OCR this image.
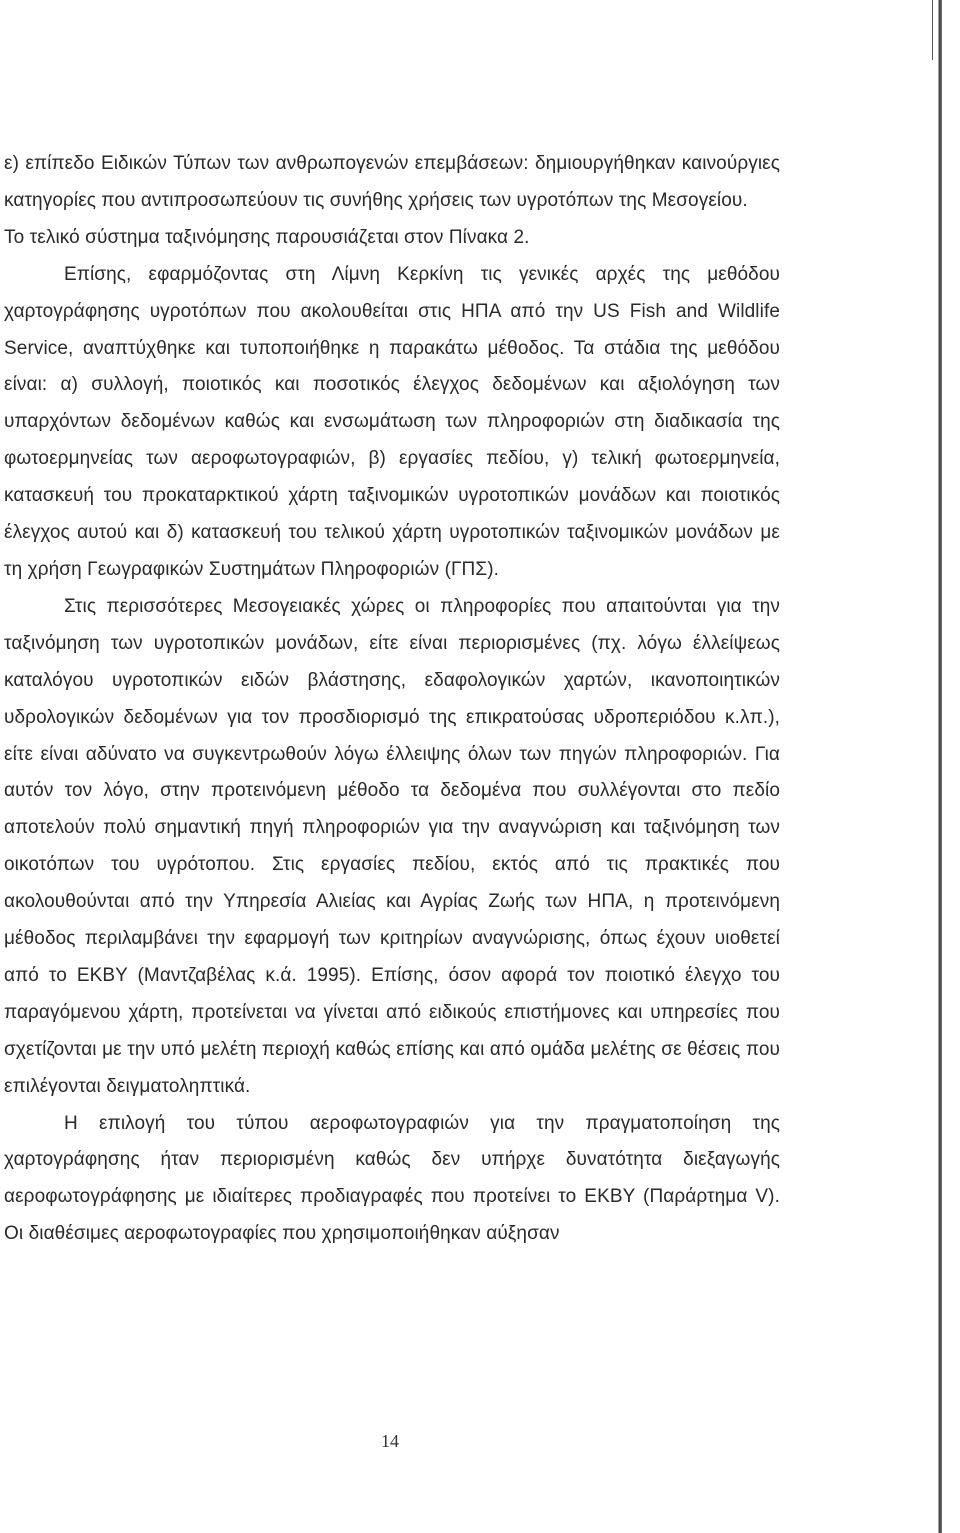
ε) επίπεδο Ειδικών Τύπων των ανθρωπογενών επεμβάσεων: δημιουργήθηκαν καινούργιες κατηγορίες που αντιπροσωπεύουν τις συνήθης χρήσεις των υγροτόπων της Μεσογείου.

Το τελικό σύστημα ταξινόμησης παρουσιάζεται στον Πίνακα 2.

Επίσης, εφαρμόζοντας στη Λίμνη Κερκίνη τις γενικές αρχές της μεθόδου χαρτογράφησης υγροτόπων που ακολουθείται στις ΗΠΑ από την US Fish and Wildlife Service, αναπτύχθηκε και τυποποιήθηκε η παρακάτω μέθοδος. Τα στάδια της μεθόδου είναι: α) συλλογή, ποιοτικός και ποσοτικός έλεγχος δεδομένων και αξιολόγηση των υπαρχόντων δεδομένων καθώς και ενσωμάτωση των πληροφοριών στη διαδικασία της φωτοερμηνείας των αεροφωτογραφιών, β) εργασίες πεδίου, γ) τελική φωτοερμηνεία, κατασκευή του προκαταρκτικού χάρτη ταξινομικών υγροτοπικών μονάδων και ποιοτικός έλεγχος αυτού και δ) κατασκευή του τελικού χάρτη υγροτοπικών ταξινομικών μονάδων με τη χρήση Γεωγραφικών Συστημάτων Πληροφοριών (ΓΠΣ).

Στις περισσότερες Μεσογειακές χώρες οι πληροφορίες που απαιτούνται για την ταξινόμηση των υγροτοπικών μονάδων, είτε είναι περιορισμένες (πχ. λόγω έλλείψεως καταλόγου υγροτοπικών ειδών βλάστησης, εδαφολογικών χαρτών, ικανοποιητικών υδρολογικών δεδομένων για τον προσδιορισμό της επικρατούσας υδροπεριόδου κ.λπ.), είτε είναι αδύνατο να συγκεντρωθούν λόγω έλλειψης όλων των πηγών πληροφοριών. Για αυτόν τον λόγο, στην προτεινόμενη μέθοδο τα δεδομένα που συλλέγονται στο πεδίο αποτελούν πολύ σημαντική πηγή πληροφοριών για την αναγνώριση και ταξινόμηση των οικοτόπων του υγρότοπου. Στις εργασίες πεδίου, εκτός από τις πρακτικές που ακολουθούνται από την Υπηρεσία Αλιείας και Αγρίας Ζωής των ΗΠΑ, η προτεινόμενη μέθοδος περιλαμβάνει την εφαρμογή των κριτηρίων αναγνώρισης, όπως έχουν υιοθετεί από το ΕΚΒΥ (Μαντζαβέλας κ.ά. 1995). Επίσης, όσον αφορά τον ποιοτικό έλεγχο του παραγόμενου χάρτη, προτείνεται να γίνεται από ειδικούς επιστήμονες και υπηρεσίες που σχετίζονται με την υπό μελέτη περιοχή καθώς επίσης και από ομάδα μελέτης σε θέσεις που επιλέγονται δειγματοληπτικά.

Η επιλογή του τύπου αεροφωτογραφιών για την πραγματοποίηση της χαρτογράφησης ήταν περιορισμένη καθώς δεν υπήρχε δυνατότητα διεξαγωγής αεροφωτογράφησης με ιδιαίτερες προδιαγραφές που προτείνει το ΕΚΒΥ (Παράρτημα V). Οι διαθέσιμες αεροφωτογραφίες που χρησιμοποιήθηκαν αύξησαν

14
